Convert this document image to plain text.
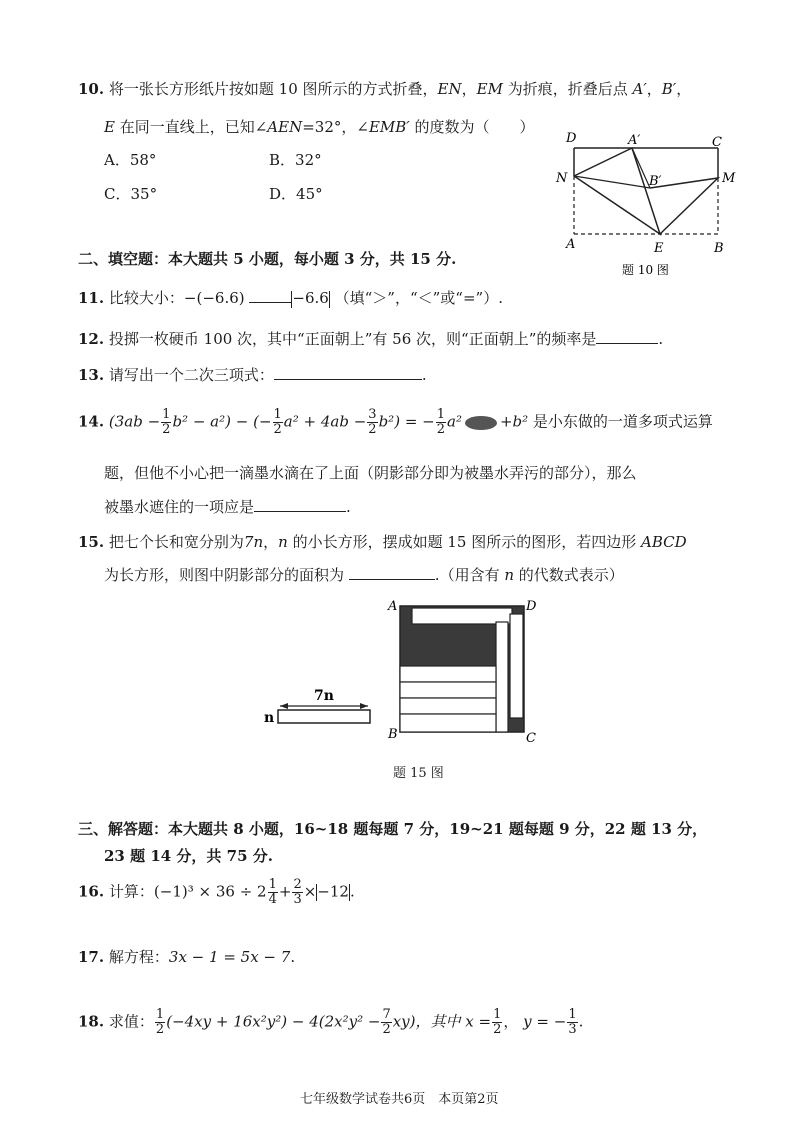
10. 将一张长方形纸片按如题 10 图所示的方式折叠，EN，EM 为折痕，折叠后点 A′，B′，
E 在同一直线上，已知∠AEN=32°，∠EMB′ 的度数为（　　）
A．58°	B．32°
C．35°	D．45°
D	A′	C
N	B′	M
A	E	B
题 10 图
二、填空题：本大题共 5 小题，每小题 3 分，共 15 分.
11. 比较大小：−(−6.6)	−6.6 （填“＞”，“＜”或“=”）.
12. 投掷一枚硬币 100 次，其中“正面朝上”有 56 次，则“正面朝上”的频率是	.
13. 请写出一个二次三项式：	.
14. $(3ab - \frac{1}{2} b^2 - a^2)$ − (− $\frac{1}{2} a^2 + 4ab - \frac{3}{2} b^2$) = − $\frac{1}{2} a^2$	+b² 是小东做的一道多项式运算
题，但他不小心把一滴墨水滴在了上面（阴影部分即为被墨水弄污的部分），那么
被墨水遮住的一项应是	.
15. 把七个长和宽分别为7n，n 的小长方形，摆成如题 15 图所示的图形，若四边形 ABCD
为长方形，则图中阴影部分的面积为	.（用含有 n 的代数式表示）
7n
n
A	D
B	C
题 15 图
三、解答题：本大题共 8 小题，16~18 题每题 7 分，19~21 题每题 9 分，22 题 13 分，
23 题 14 分，共 75 分.
16. 计算：$(-1)^3 \times 36 \div 2 \frac{1}{4} + \frac{2}{3} \times-12$.
17. 解方程：3x − 1 = 5x − 7.
18. 求值： $\frac{1}{2} (-4xy + 16x^2y^2) - 4(2x^2y^2 - \frac{7}{2} xy)$，其中 $x = \frac{1}{2}$ ， y = − $\frac{1}{3}$ .
七年级数学试卷共6页　本页第2页
